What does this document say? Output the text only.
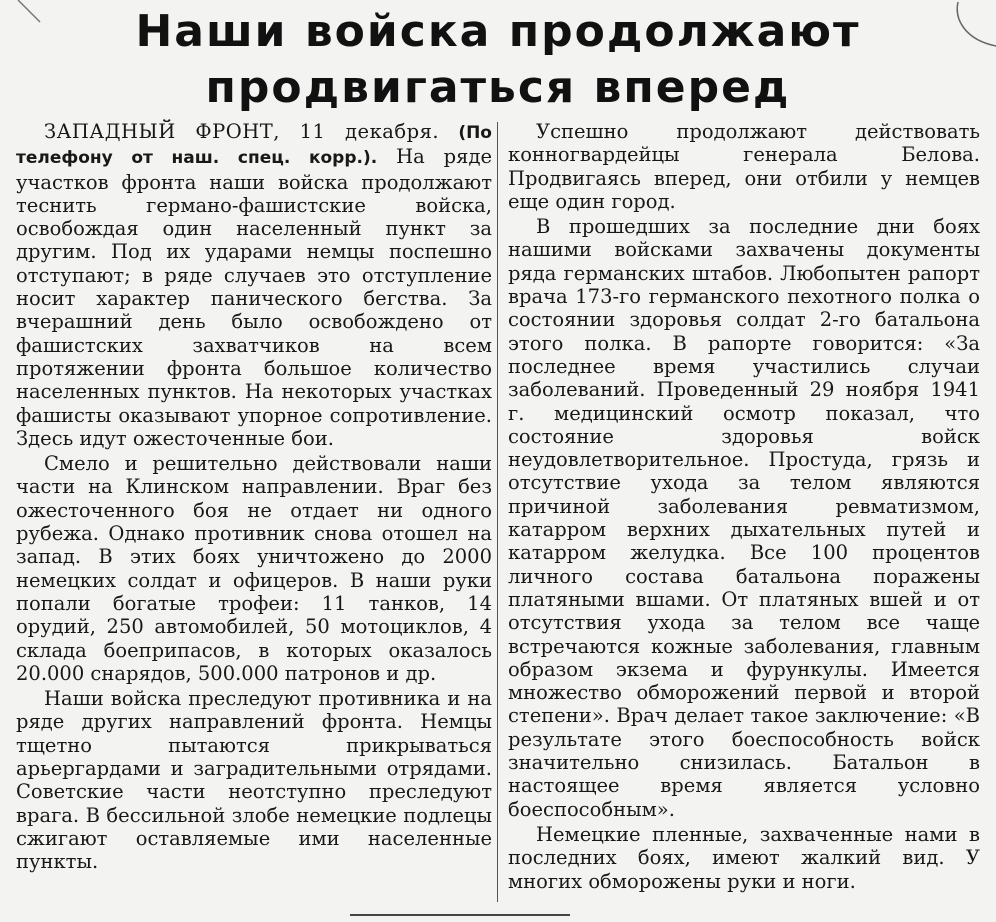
Наши войска продолжают
продвигаться вперед

ЗАПАДНЫЙ ФРОНТ, 11 декабря. (По телефону от наш. спец. корр.). На ряде участков фронта наши войска продолжают теснить германо-фашистские войска, освобождая один населенный пункт за другим. Под их ударами немцы поспешно отступают; в ряде случаев это отступление носит характер панического бегства. За вчерашний день было освобождено от фашистских захватчиков на всем протяжении фронта большое количество населенных пунктов. На некоторых участках фашисты оказывают упорное сопротивление. Здесь идут ожесточенные бои.

Смело и решительно действовали наши части на Клинском направлении. Враг без ожесточенного боя не отдает ни одного рубежа. Однако противник снова отошел на запад. В этих боях уничтожено до 2000 немецких солдат и офицеров. В наши руки попали богатые трофеи: 11 танков, 14 орудий, 250 автомобилей, 50 мотоциклов, 4 склада боеприпасов, в которых оказалось 20.000 снарядов, 500.000 патронов и др.

Наши войска преследуют противника и на ряде других направлений фронта. Немцы тщетно пытаются прикрываться арьергардами и заградительными отрядами. Советские части неотступно преследуют врага. В бессильной злобе немецкие подлецы сжигают оставляемые ими населенные пункты.

Успешно продолжают действовать конногвардейцы генерала Белова. Продвигаясь вперед, они отбили у немцев еще один город.

В прошедших за последние дни боях нашими войсками захвачены документы ряда германских штабов. Любопытен рапорт врача 173-го германского пехотного полка о состоянии здоровья солдат 2-го батальона этого полка. В рапорте говорится: «За последнее время участились случаи заболеваний. Проведенный 29 ноября 1941 г. медицинский осмотр показал, что состояние здоровья войск неудовлетворительное. Простуда, грязь и отсутствие ухода за телом являются причиной заболевания ревматизмом, катарром верхних дыхательных путей и катарром желудка. Все 100 процентов личного состава батальона поражены платяными вшами. От платяных вшей и от отсутствия ухода за телом все чаще встречаются кожные заболевания, главным образом экзема и фурункулы. Имеется множество обморожений первой и второй степени». Врач делает такое заключение: «В результате этого боеспособность войск значительно снизилась. Батальон в настоящее время является условно боеспособным».

Немецкие пленные, захваченные нами в последних боях, имеют жалкий вид. У многих обморожены руки и ноги.
